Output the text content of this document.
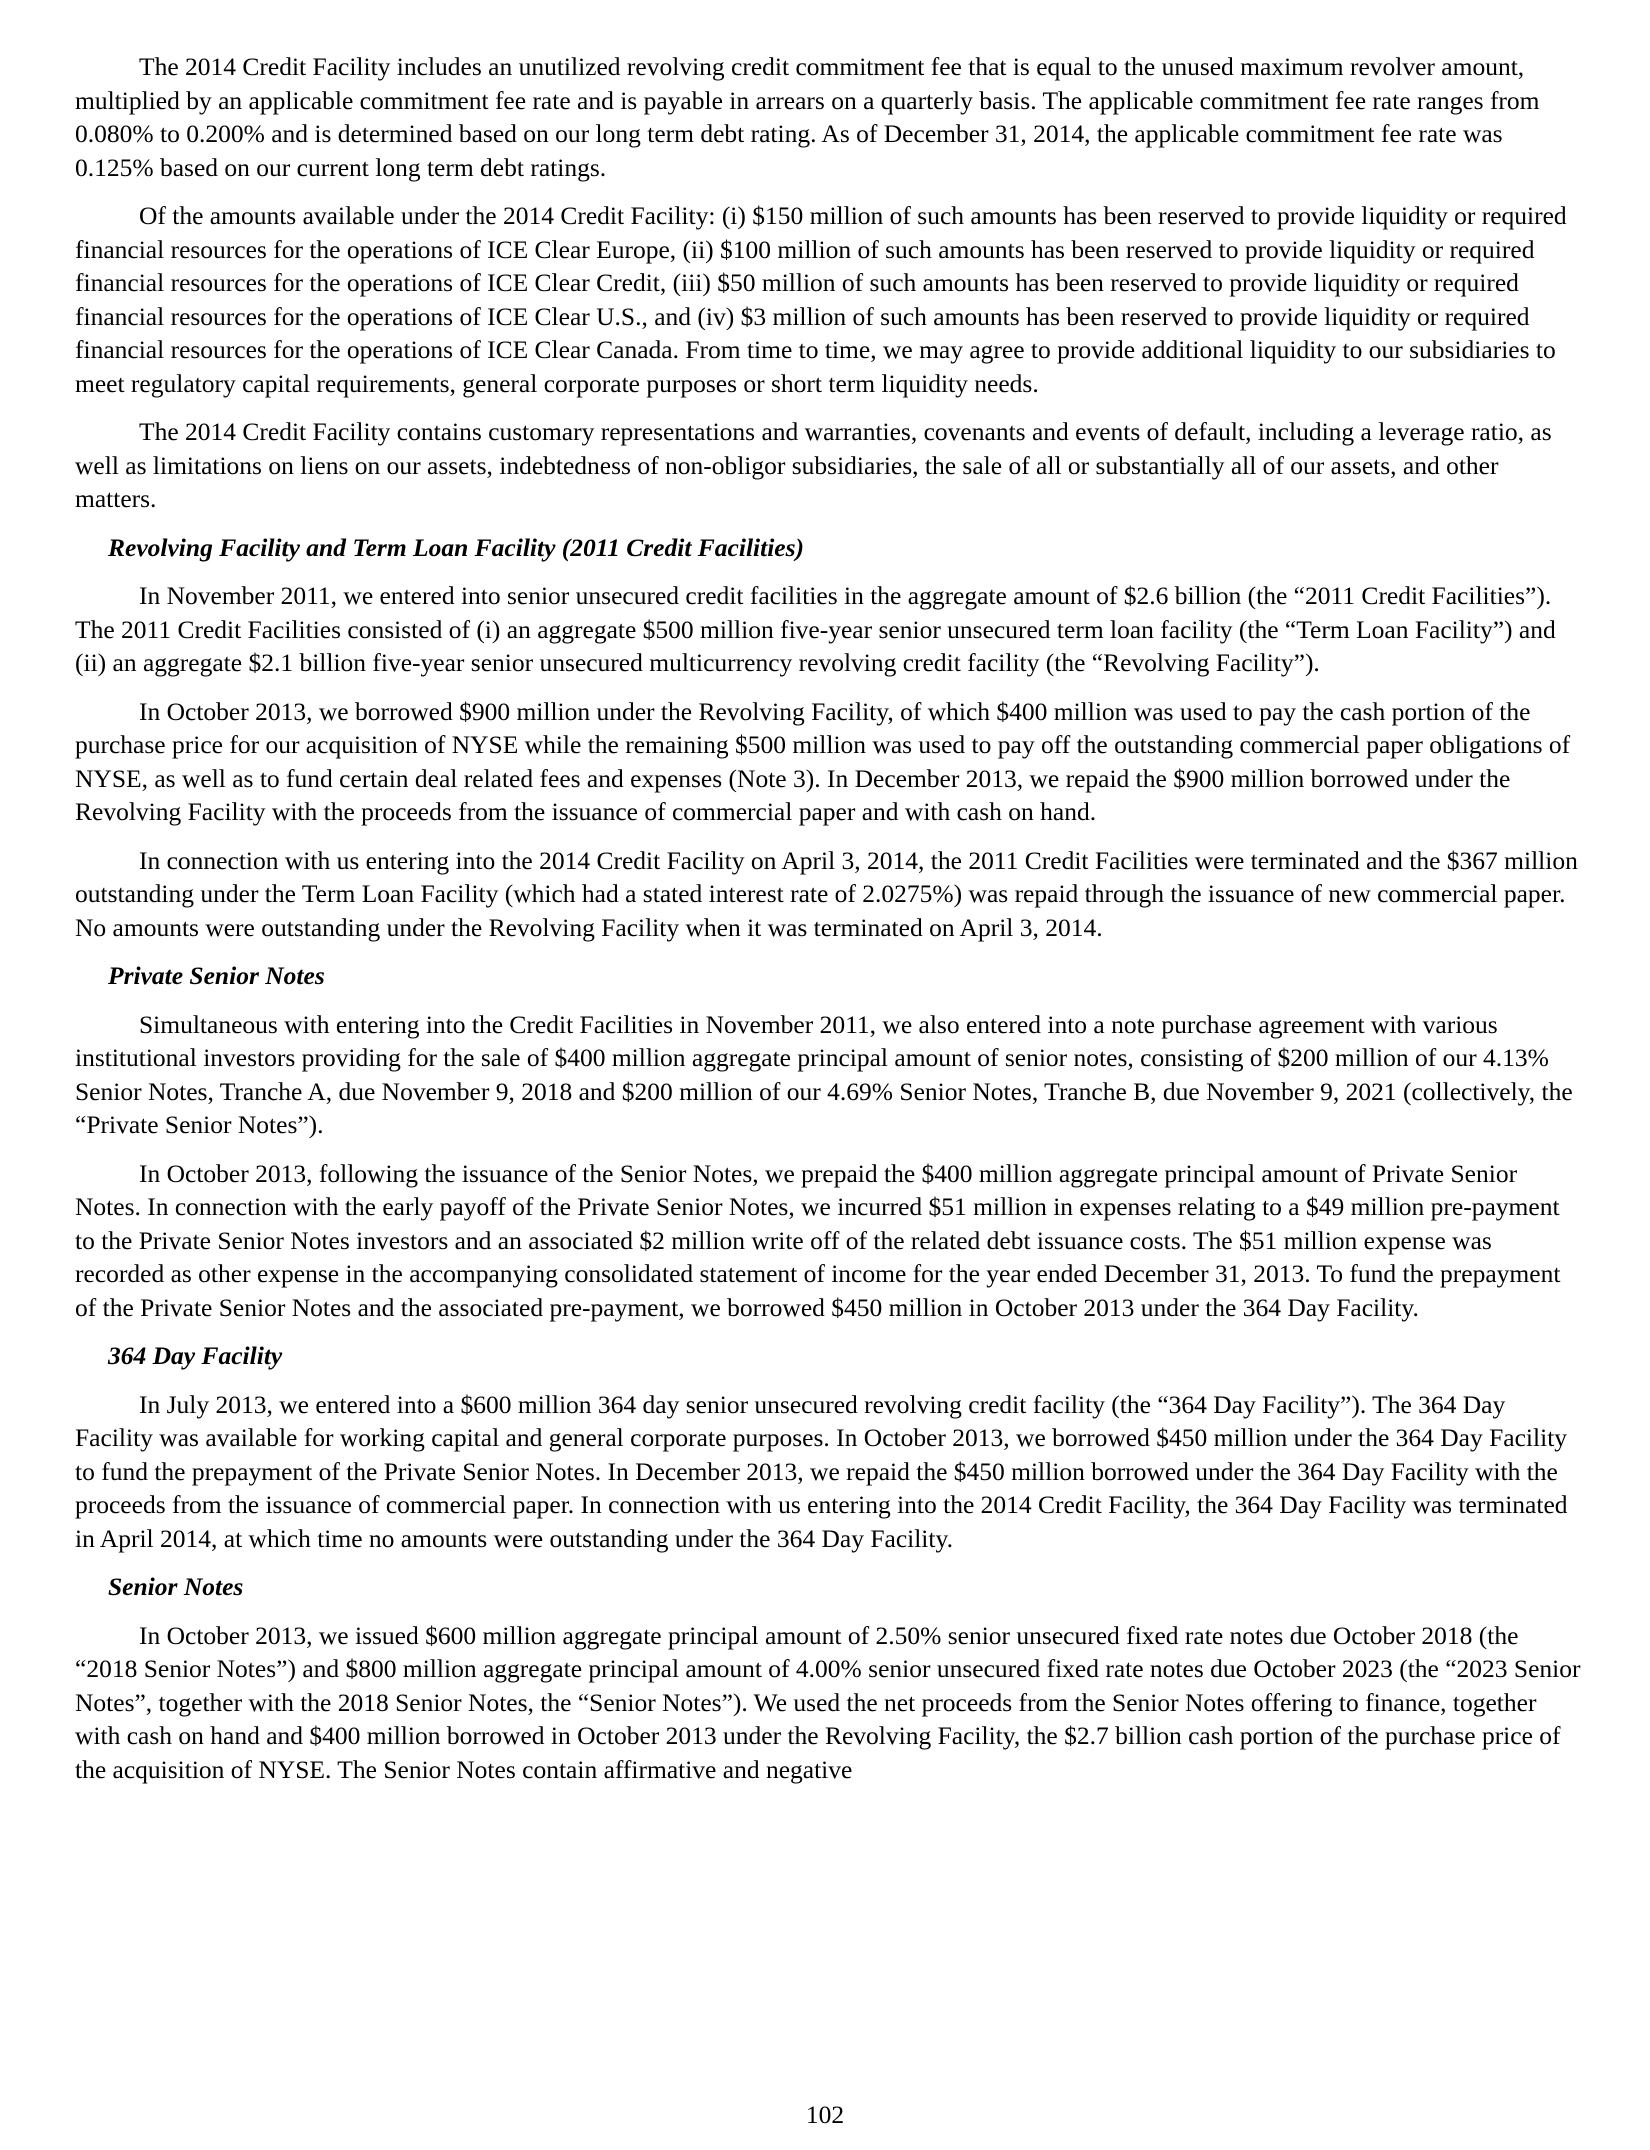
The 2014 Credit Facility includes an unutilized revolving credit commitment fee that is equal to the unused maximum revolver amount, multiplied by an applicable commitment fee rate and is payable in arrears on a quarterly basis. The applicable commitment fee rate ranges from 0.080% to 0.200% and is determined based on our long term debt rating. As of December 31, 2014, the applicable commitment fee rate was 0.125% based on our current long term debt ratings.

Of the amounts available under the 2014 Credit Facility: (i) $150 million of such amounts has been reserved to provide liquidity or required financial resources for the operations of ICE Clear Europe, (ii) $100 million of such amounts has been reserved to provide liquidity or required financial resources for the operations of ICE Clear Credit, (iii) $50 million of such amounts has been reserved to provide liquidity or required financial resources for the operations of ICE Clear U.S., and (iv) $3 million of such amounts has been reserved to provide liquidity or required financial resources for the operations of ICE Clear Canada. From time to time, we may agree to provide additional liquidity to our subsidiaries to meet regulatory capital requirements, general corporate purposes or short term liquidity needs.

The 2014 Credit Facility contains customary representations and warranties, covenants and events of default, including a leverage ratio, as well as limitations on liens on our assets, indebtedness of non-obligor subsidiaries, the sale of all or substantially all of our assets, and other matters.

Revolving Facility and Term Loan Facility (2011 Credit Facilities)

In November 2011, we entered into senior unsecured credit facilities in the aggregate amount of $2.6 billion (the “2011 Credit Facilities”). The 2011 Credit Facilities consisted of (i) an aggregate $500 million five-year senior unsecured term loan facility (the “Term Loan Facility”) and (ii) an aggregate $2.1 billion five-year senior unsecured multicurrency revolving credit facility (the “Revolving Facility”).

In October 2013, we borrowed $900 million under the Revolving Facility, of which $400 million was used to pay the cash portion of the purchase price for our acquisition of NYSE while the remaining $500 million was used to pay off the outstanding commercial paper obligations of NYSE, as well as to fund certain deal related fees and expenses (Note 3). In December 2013, we repaid the $900 million borrowed under the Revolving Facility with the proceeds from the issuance of commercial paper and with cash on hand.

In connection with us entering into the 2014 Credit Facility on April 3, 2014, the 2011 Credit Facilities were terminated and the $367 million outstanding under the Term Loan Facility (which had a stated interest rate of 2.0275%) was repaid through the issuance of new commercial paper. No amounts were outstanding under the Revolving Facility when it was terminated on April 3, 2014.

Private Senior Notes

Simultaneous with entering into the Credit Facilities in November 2011, we also entered into a note purchase agreement with various institutional investors providing for the sale of $400 million aggregate principal amount of senior notes, consisting of $200 million of our 4.13% Senior Notes, Tranche A, due November 9, 2018 and $200 million of our 4.69% Senior Notes, Tranche B, due November 9, 2021 (collectively, the “Private Senior Notes”).

In October 2013, following the issuance of the Senior Notes, we prepaid the $400 million aggregate principal amount of Private Senior Notes. In connection with the early payoff of the Private Senior Notes, we incurred $51 million in expenses relating to a $49 million pre-payment to the Private Senior Notes investors and an associated $2 million write off of the related debt issuance costs. The $51 million expense was recorded as other expense in the accompanying consolidated statement of income for the year ended December 31, 2013. To fund the prepayment of the Private Senior Notes and the associated pre-payment, we borrowed $450 million in October 2013 under the 364 Day Facility.

364 Day Facility

In July 2013, we entered into a $600 million 364 day senior unsecured revolving credit facility (the “364 Day Facility”). The 364 Day Facility was available for working capital and general corporate purposes. In October 2013, we borrowed $450 million under the 364 Day Facility to fund the prepayment of the Private Senior Notes. In December 2013, we repaid the $450 million borrowed under the 364 Day Facility with the proceeds from the issuance of commercial paper. In connection with us entering into the 2014 Credit Facility, the 364 Day Facility was terminated in April 2014, at which time no amounts were outstanding under the 364 Day Facility.

Senior Notes

In October 2013, we issued $600 million aggregate principal amount of 2.50% senior unsecured fixed rate notes due October 2018 (the “2018 Senior Notes”) and $800 million aggregate principal amount of 4.00% senior unsecured fixed rate notes due October 2023 (the “2023 Senior Notes”, together with the 2018 Senior Notes, the “Senior Notes”). We used the net proceeds from the Senior Notes offering to finance, together with cash on hand and $400 million borrowed in October 2013 under the Revolving Facility, the $2.7 billion cash portion of the purchase price of the acquisition of NYSE. The Senior Notes contain affirmative and negative

102
